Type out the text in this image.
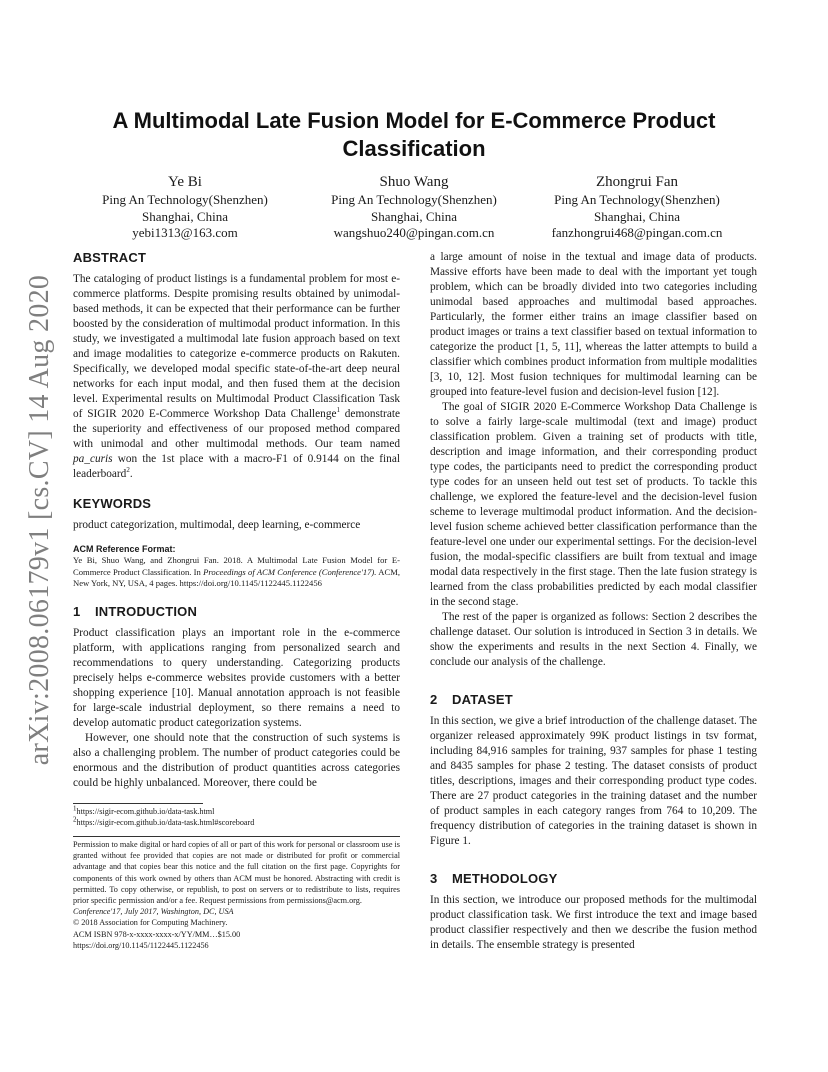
arXiv:2008.06179v1 [cs.CV] 14 Aug 2020
A Multimodal Late Fusion Model for E-Commerce Product Classification
Ye Bi
Ping An Technology(Shenzhen)
Shanghai, China
yebi1313@163.com
Shuo Wang
Ping An Technology(Shenzhen)
Shanghai, China
wangshuo240@pingan.com.cn
Zhongrui Fan
Ping An Technology(Shenzhen)
Shanghai, China
fanzhongrui468@pingan.com.cn
ABSTRACT

The cataloging of product listings is a fundamental problem for most e-commerce platforms. Despite promising results obtained by unimodal-based methods, it can be expected that their performance can be further boosted by the consideration of multimodal product information. In this study, we investigated a multimodal late fusion approach based on text and image modalities to categorize e-commerce products on Rakuten. Specifically, we developed modal specific state-of-the-art deep neural networks for each input modal, and then fused them at the decision level. Experimental results on Multimodal Product Classification Task of SIGIR 2020 E-Commerce Workshop Data Challenge$^1$ demonstrate the superiority and effectiveness of our proposed method compared with unimodal and other multimodal methods. Our team named pa_curis won the 1st place with a macro-F1 of 0.9144 on the final leaderboard$^2$.

KEYWORDS

product categorization, multimodal, deep learning, e-commerce

ACM Reference Format:

Ye Bi, Shuo Wang, and Zhongrui Fan. 2018. A Multimodal Late Fusion Model for E-Commerce Product Classification. In Proceedings of ACM Conference (Conference'17). ACM, New York, NY, USA, 4 pages. https://doi.org/10.1145/1122445.1122456

1 INTRODUCTION

Product classification plays an important role in the e-commerce platform, with applications ranging from personalized search and recommendations to query understanding. Categorizing products precisely helps e-commerce websites provide customers with a better shopping experience [10]. Manual annotation approach is not feasible for large-scale industrial deployment, so there remains a need to develop automatic product categorization systems.

However, one should note that the construction of such systems is also a challenging problem. The number of product categories could be enormous and the distribution of product quantities across categories could be highly unbalanced. Moreover, there could be

$^1$https://sigir-ecom.github.io/data-task.html
$^2$https://sigir-ecom.github.io/data-task.html#scoreboard

Permission to make digital or hard copies of all or part of this work for personal or classroom use is granted without fee provided that copies are not made or distributed for profit or commercial advantage and that copies bear this notice and the full citation on the first page. Copyrights for components of this work owned by others than ACM must be honored. Abstracting with credit is permitted. To copy otherwise, or republish, to post on servers or to redistribute to lists, requires prior specific permission and/or a fee. Request permissions from permissions@acm.org.

Conference'17, July 2017, Washington, DC, USA

© 2018 Association for Computing Machinery.

ACM ISBN 978-x-xxxx-xxxx-x/YY/MM…$15.00

https://doi.org/10.1145/1122445.1122456

a large amount of noise in the textual and image data of products. Massive efforts have been made to deal with the important yet tough problem, which can be broadly divided into two categories including unimodal based approaches and multimodal based approaches. Particularly, the former either trains an image classifier based on product images or trains a text classifier based on textual information to categorize the product [1, 5, 11], whereas the latter attempts to build a classifier which combines product information from multiple modalities [3, 10, 12]. Most fusion techniques for multimodal learning can be grouped into feature-level fusion and decision-level fusion [12].

The goal of SIGIR 2020 E-Commerce Workshop Data Challenge is to solve a fairly large-scale multimodal (text and image) product classification problem. Given a training set of products with title, description and image information, and their corresponding product type codes, the participants need to predict the corresponding product type codes for an unseen held out test set of products. To tackle this challenge, we explored the feature-level and the decision-level fusion scheme to leverage multimodal product information. And the decision-level fusion scheme achieved better classification performance than the feature-level one under our experimental settings. For the decision-level fusion, the modal-specific classifiers are built from textual and image modal data respectively in the first stage. Then the late fusion strategy is learned from the class probabilities predicted by each modal classifier in the second stage.

The rest of the paper is organized as follows: Section 2 describes the challenge dataset. Our solution is introduced in Section 3 in details. We show the experiments and results in the next Section 4. Finally, we conclude our analysis of the challenge.

2 DATASET

In this section, we give a brief introduction of the challenge dataset. The organizer released approximately 99K product listings in tsv format, including 84,916 samples for training, 937 samples for phase 1 testing and 8435 samples for phase 2 testing. The dataset consists of product titles, descriptions, images and their corresponding product type codes. There are 27 product categories in the training dataset and the number of product samples in each category ranges from 764 to 10,209. The frequency distribution of categories in the training dataset is shown in Figure 1.

3 METHODOLOGY

In this section, we introduce our proposed methods for the multimodal product classification task. We first introduce the text and image based product classifier respectively and then we describe the fusion method in details. The ensemble strategy is presented
